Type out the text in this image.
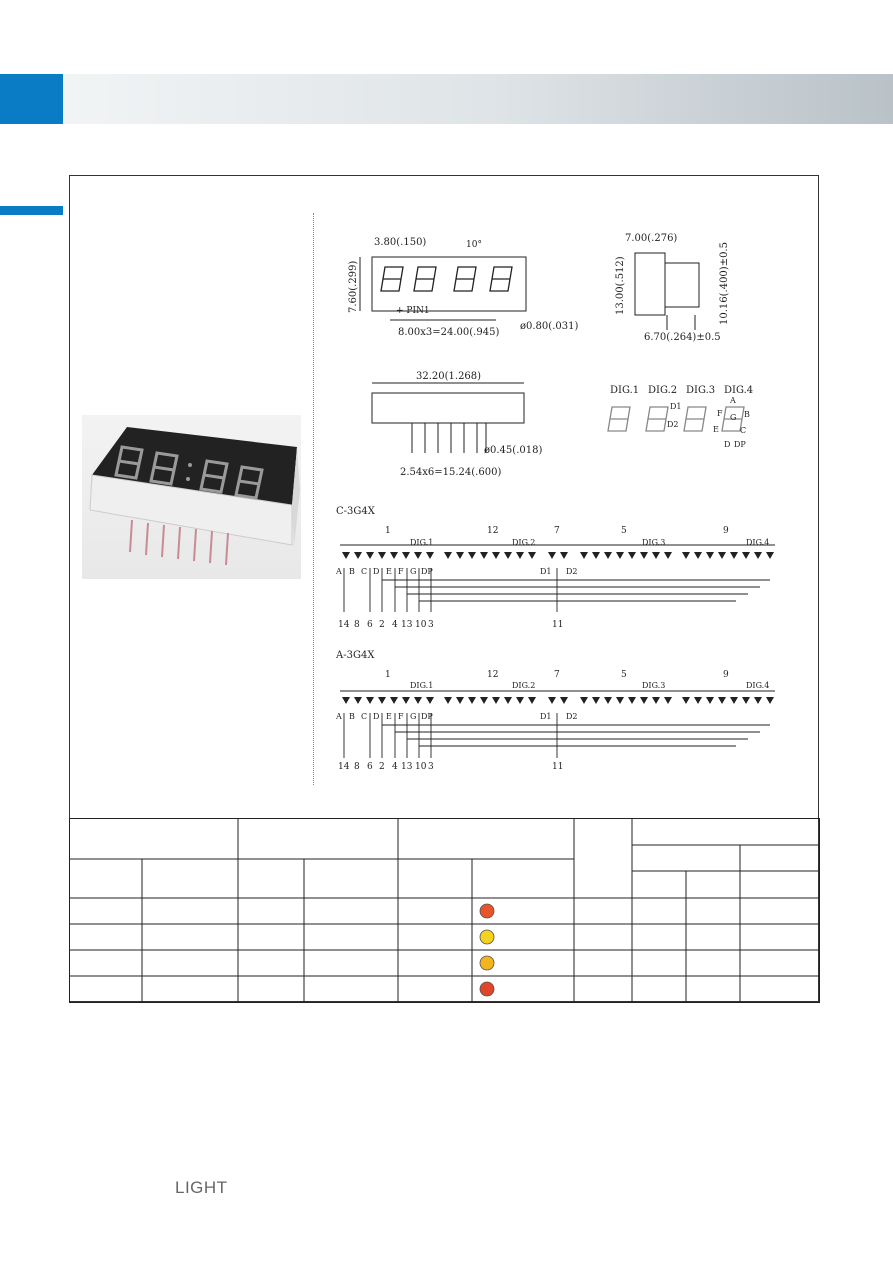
3.80(.150)	10°
7.60(.299)	+ PIN1
8.00x3=24.00(.945)
ø0.80(.031)
7.00(.276)
13.00(.512)	10.16(.400)±0.5
6.70(.264)±0.5
32.20(1.268)
ø0.45(.018)
2.54x6=15.24(.600)
DIG.1 DIG.2 DIG.3 DIG.4
A
B
C
D
E
F G
DP
D1
D2
C-3G4X
1	12	7	5	9
DIG.1	DIG.2	DIG.3	DIG.4
A B C D E F G DP	D1 D2
14 8 6 2 4 13 10 3	11
A-3G4X
1	12	7	5	9
DIG.1	DIG.2	DIG.3	DIG.4
A B C D E F G DP	D1 D2
14 8 6 2 4 13 10 3	11
LIGHT
